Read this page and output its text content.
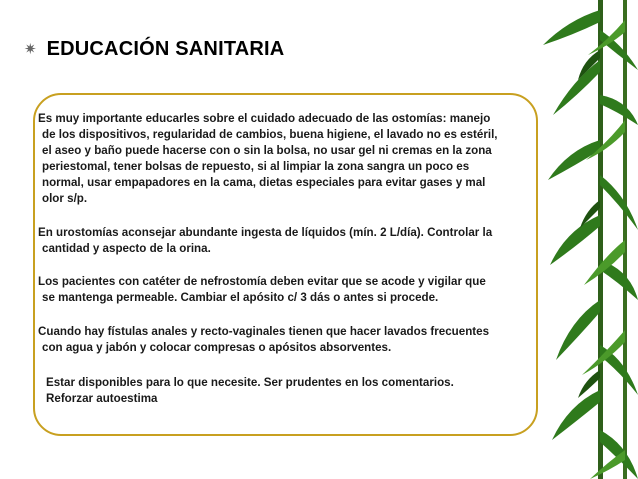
✷ EDUCACIÓN SANITARIA

Es muy importante educarles sobre el cuidado adecuado de las ostomías: manejo
de los dispositivos, regularidad de cambios, buena higiene, el lavado no es estéril,
el aseo y baño puede hacerse con o sin la bolsa, no usar gel ni cremas en la zona
periestomal, tener bolsas de repuesto, si al limpiar la zona sangra un poco es
normal, usar empapadores en la cama, dietas especiales para evitar gases y mal
olor s/p.

En urostomías aconsejar abundante ingesta de líquidos (mín. 2 L/día). Controlar la
cantidad y aspecto de la orina.

Los pacientes con catéter de nefrostomía deben evitar que se acode y vigilar que
se mantenga permeable. Cambiar el apósito c/ 3 dás o antes si procede.

Cuando hay fístulas anales y recto-vaginales tienen que hacer lavados frecuentes
con agua y jabón y colocar compresas o apósitos absorventes.

Estar disponibles para lo que necesite. Ser prudentes en los comentarios.
Reforzar autoestima
